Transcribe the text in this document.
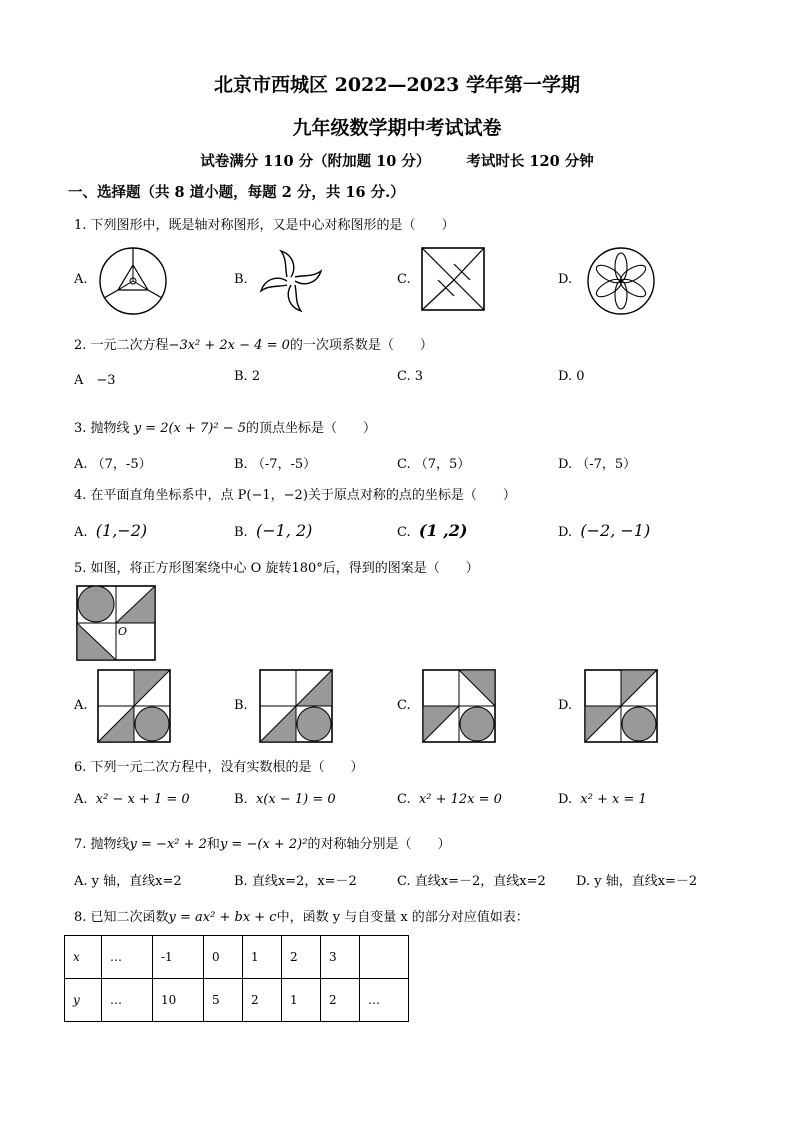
北京市西城区 2022—2023 学年第一学期
九年级数学期中考试试卷
试卷满分 110 分（附加题 10 分） 考试时长 120 分钟
一、选择题（共 8 道小题，每题 2 分，共 16 分.）
1. 下列图形中，既是轴对称图形，又是中心对称图形的是（　　）
A.	B.	C.	D.
2. 一元二次方程−3x² + 2x − 4 = 0的一次项系数是（　　）
A　−3	B. 2	C. 3	D. 0
3. 抛物线 y = 2(x + 7)² − 5的顶点坐标是（　　）
A. （7，-5）	B. （-7，-5）	C. （7，5）	D. （-7，5）
4. 在平面直角坐标系中，点 P(−1，−2)关于原点对称的点的坐标是（　　）
A. (1,−2)	B. (−1, 2)	C. (1 ,2)	D. (−2, −1)
5. 如图，将正方形图案绕中心 O 旋转180°后，得到的图案是（　　）
O
A.	B.	C.	D.
6. 下列一元二次方程中，没有实数根的是（　　）
A. x² − x + 1 = 0	B. x(x − 1) = 0	C. x² + 12x = 0	D. x² + x = 1
7. 抛物线y = −x² + 2和y = −(x + 2)²的对称轴分别是（　　）
A. y 轴，直线x=2	B. 直线x=2，x=－2	C. 直线x=－2，直线x=2 D. y 轴，直线x=－2
8. 已知二次函数y = ax² + bx + c中，函数 y 与自变量 x 的部分对应值如表：
x	…	-1	0	1	2	3	
y	…	10	5	2	1	2	…
